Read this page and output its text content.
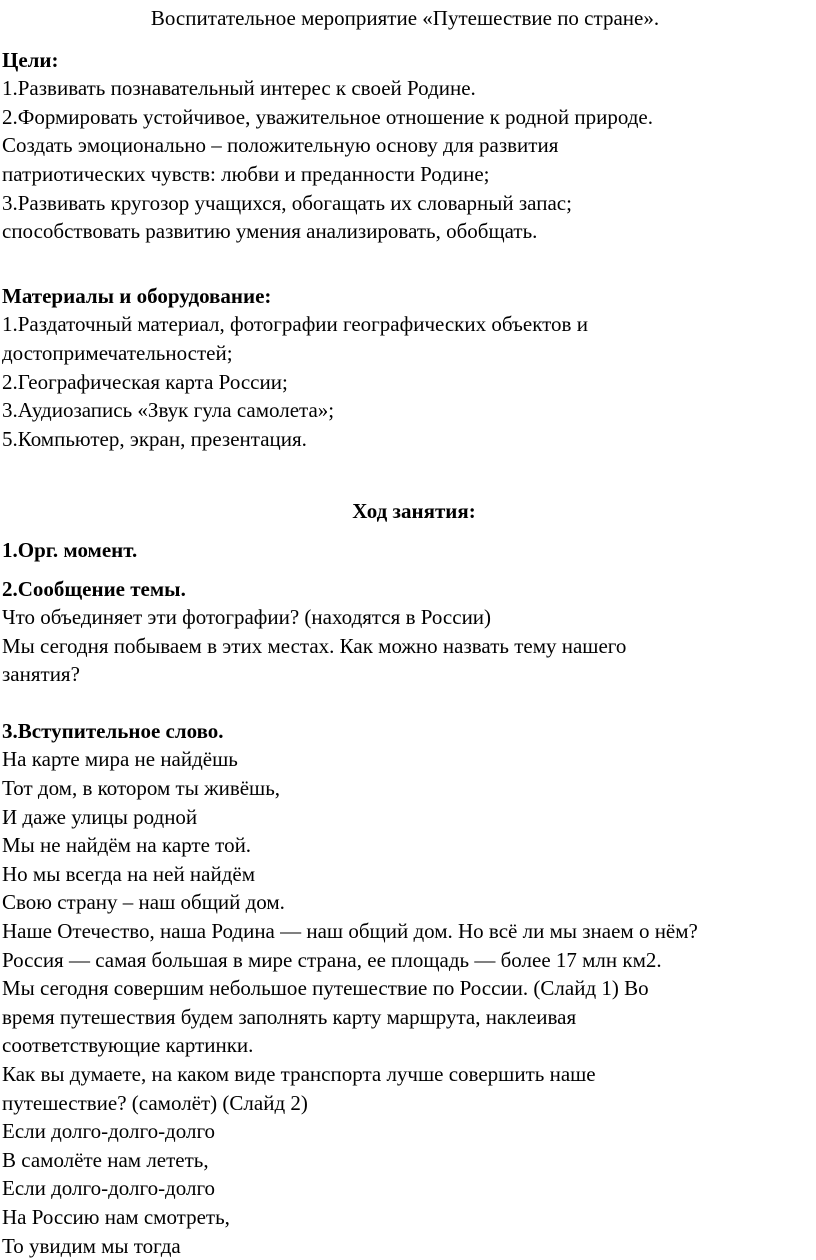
Воспитательное мероприятие «Путешествие по стране».

Цели:

1.Развивать познавательный интерес к своей Родине.

2.Формировать устойчивое, уважительное отношение к родной природе.

Создать эмоционально – положительную основу для развития

патриотических чувств: любви и преданности Родине;

3.Развивать кругозор учащихся, обогащать их словарный запас;

способствовать развитию умения анализировать, обобщать.

Материалы и оборудование:

1.Раздаточный материал, фотографии географических объектов и

достопримечательностей;

2.Географическая карта России;

3.Аудиозапись «Звук гула самолета»;

5.Компьютер, экран, презентация.

Ход занятия:

1.Орг. момент.

2.Сообщение темы.

Что объединяет эти фотографии? (находятся в России)

Мы сегодня побываем в этих местах. Как можно назвать тему нашего

занятия?

3.Вступительное слово.

На карте мира не найдёшь

Тот дом, в котором ты живёшь,

И даже улицы родной

Мы не найдём на карте той.

Но мы всегда на ней найдём

Свою страну – наш общий дом.

Наше Отечество, наша Родина — наш общий дом. Но всё ли мы знаем о нём?

Россия — самая большая в мире страна, ее площадь — более 17 млн км2.

Мы сегодня совершим небольшое путешествие по России. (Слайд 1) Во

время путешествия будем заполнять карту маршрута, наклеивая

соответствующие картинки.

Как вы думаете, на каком виде транспорта лучше совершить наше

путешествие? (самолёт) (Слайд 2)

Если долго-долго-долго

В самолёте нам лететь,

Если долго-долго-долго

На Россию нам смотреть,

То увидим мы тогда
